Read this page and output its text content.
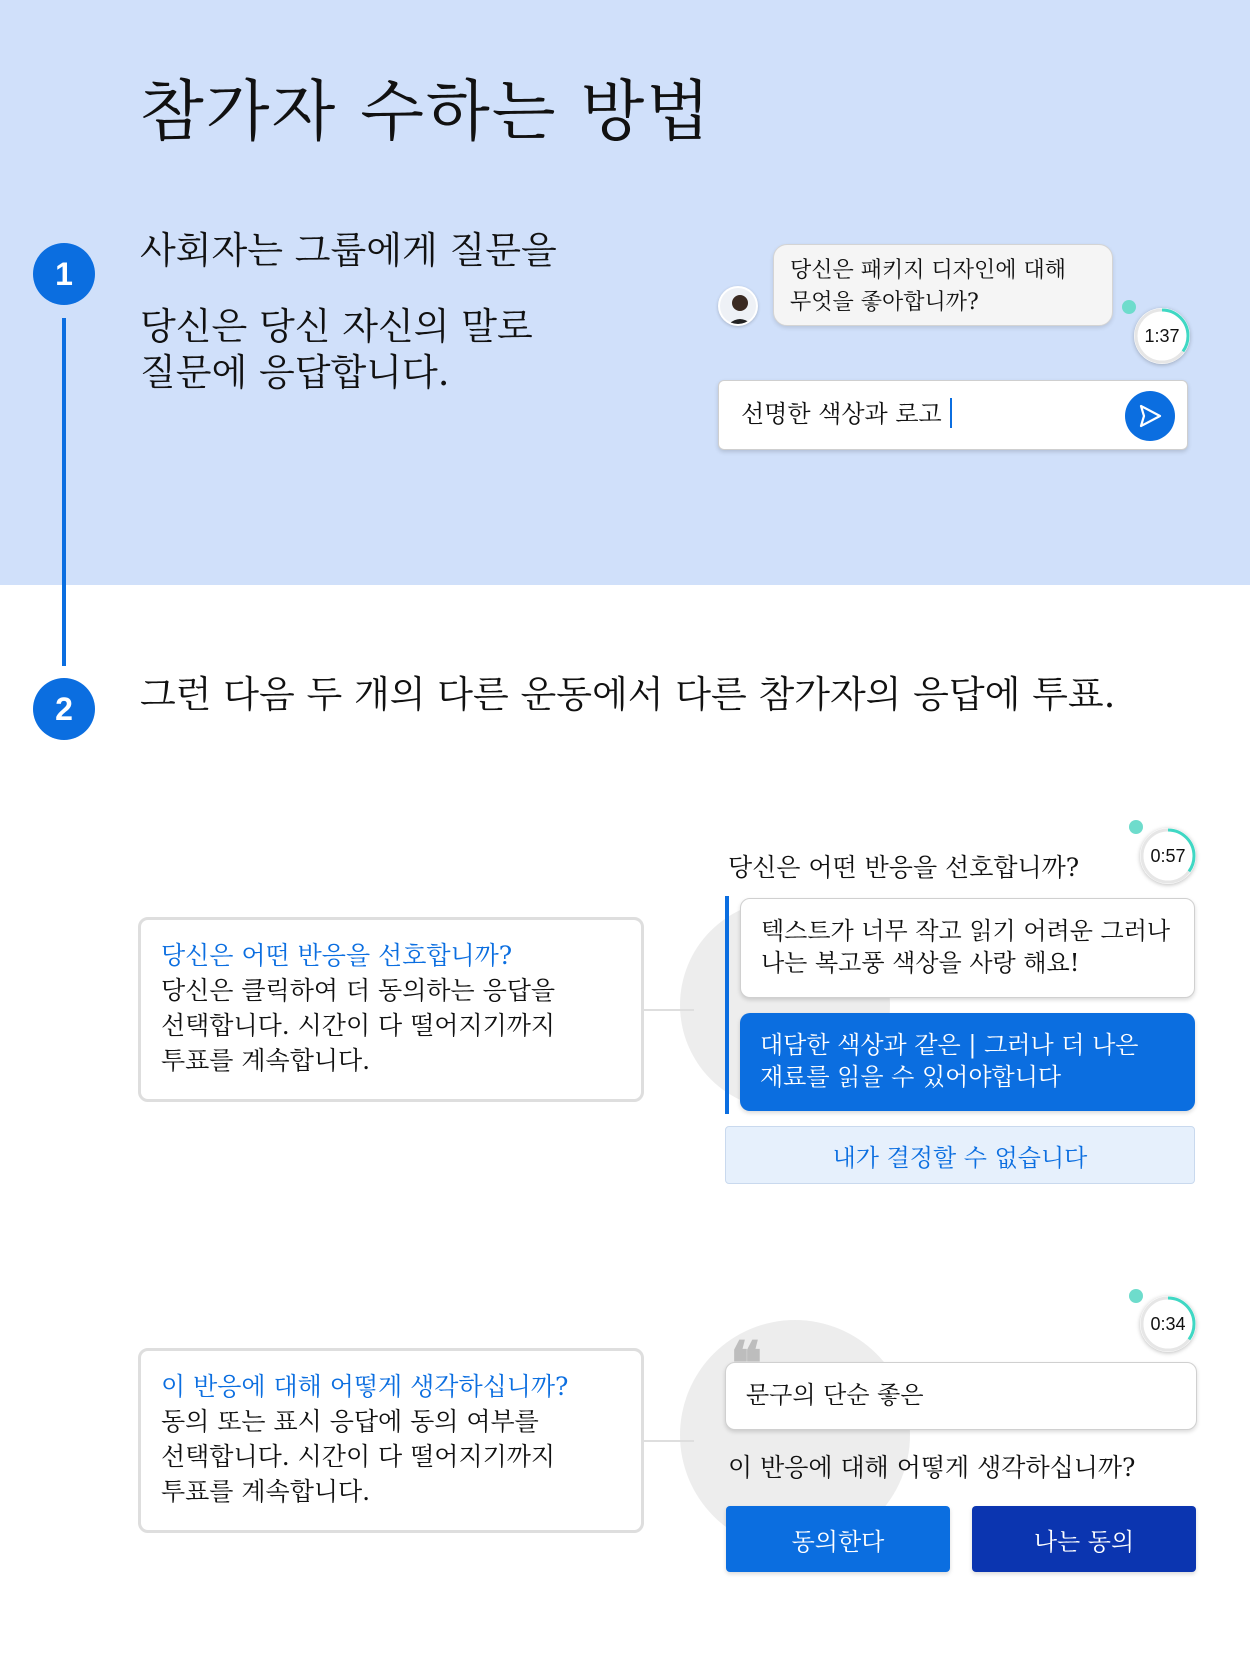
참가자 수하는 방법
1
2

사회자는 그룹에게 질문을

당신은 당신 자신의 말로
질문에 응답합니다.
그런 다음 두 개의 다른 운동에서 다른 참가자의 응답에 투표.
당신은 패키지 디자인에 대해
무엇을 좋아합니까?
1:37
선명한 색상과 로고
당신은 어떤 반응을 선호합니까?
당신은 클릭하여 더 동의하는 응답을
선택합니다. 시간이 다 떨어지기까지
투표를 계속합니다.
0:57
당신은 어떤 반응을 선호합니까?
텍스트가 너무 작고 읽기 어려운 그러나
나는 복고풍 색상을 사랑 해요!
대담한 색상과 같은 | 그러나 더 나은
재료를 읽을 수 있어야합니다
내가 결정할 수 없습니다
이 반응에 대해 어떻게 생각하십니까?
동의 또는 표시 응답에 동의 여부를
선택합니다. 시간이 다 떨어지기까지
투표를 계속합니다.
0:34
문구의 단순 좋은
❝
이 반응에 대해 어떻게 생각하십니까?
동의한다	나는 동의
